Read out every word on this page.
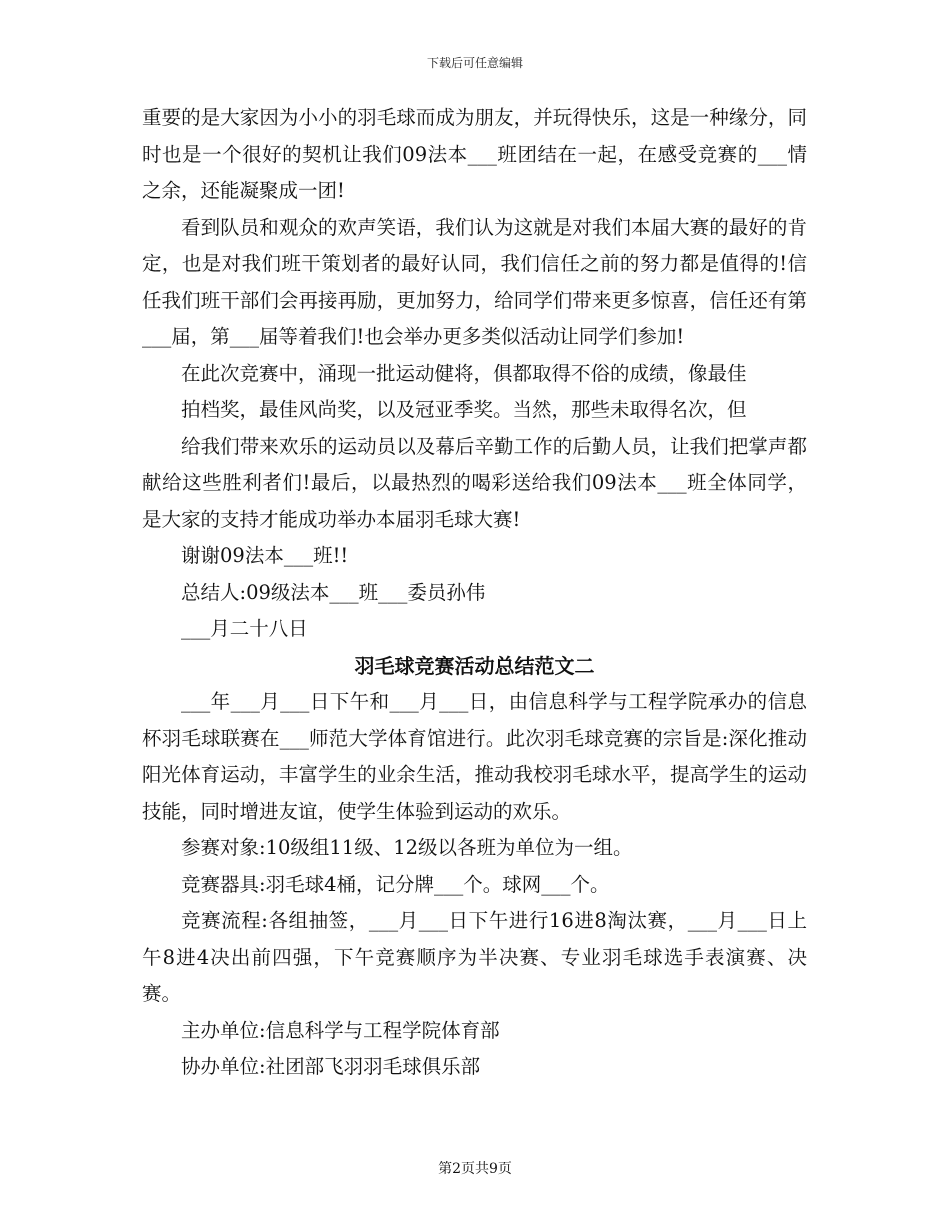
下载后可任意编辑

重要的是大家因为小小的羽毛球而成为朋友，并玩得快乐，这是一种缘分，同时也是一个很好的契机让我们09法本___班团结在一起，在感受竞赛的___情之余，还能凝聚成一团!

看到队员和观众的欢声笑语，我们认为这就是对我们本届大赛的最好的肯定，也是对我们班干策划者的最好认同，我们信任之前的努力都是值得的!信任我们班干部们会再接再励，更加努力，给同学们带来更多惊喜，信任还有第___届，第___届等着我们!也会举办更多类似活动让同学们参加!

在此次竞赛中，涌现一批运动健将，俱都取得不俗的成绩，像最佳

拍档奖，最佳风尚奖，以及冠亚季奖。当然，那些未取得名次，但

给我们带来欢乐的运动员以及幕后辛勤工作的后勤人员，让我们把掌声都献给这些胜利者们!最后，以最热烈的喝彩送给我们09法本___班全体同学，是大家的支持才能成功举办本届羽毛球大赛!

谢谢09法本___班!!

总结人:09级法本___班___委员孙伟

___月二十八日

羽毛球竞赛活动总结范文二

___年___月___日下午和___月___日，由信息科学与工程学院承办的信息杯羽毛球联赛在___师范大学体育馆进行。此次羽毛球竞赛的宗旨是:深化推动阳光体育运动，丰富学生的业余生活，推动我校羽毛球水平，提高学生的运动技能，同时增进友谊，使学生体验到运动的欢乐。

参赛对象:10级组11级、12级以各班为单位为一组。

竞赛器具:羽毛球4桶，记分牌___个。球网___个。

竞赛流程:各组抽签，___月___日下午进行16进8淘汰赛，___月___日上午8进4决出前四强，下午竞赛顺序为半决赛、专业羽毛球选手表演赛、决赛。

主办单位:信息科学与工程学院体育部

协办单位:社团部飞羽羽毛球俱乐部

第2页共9页
